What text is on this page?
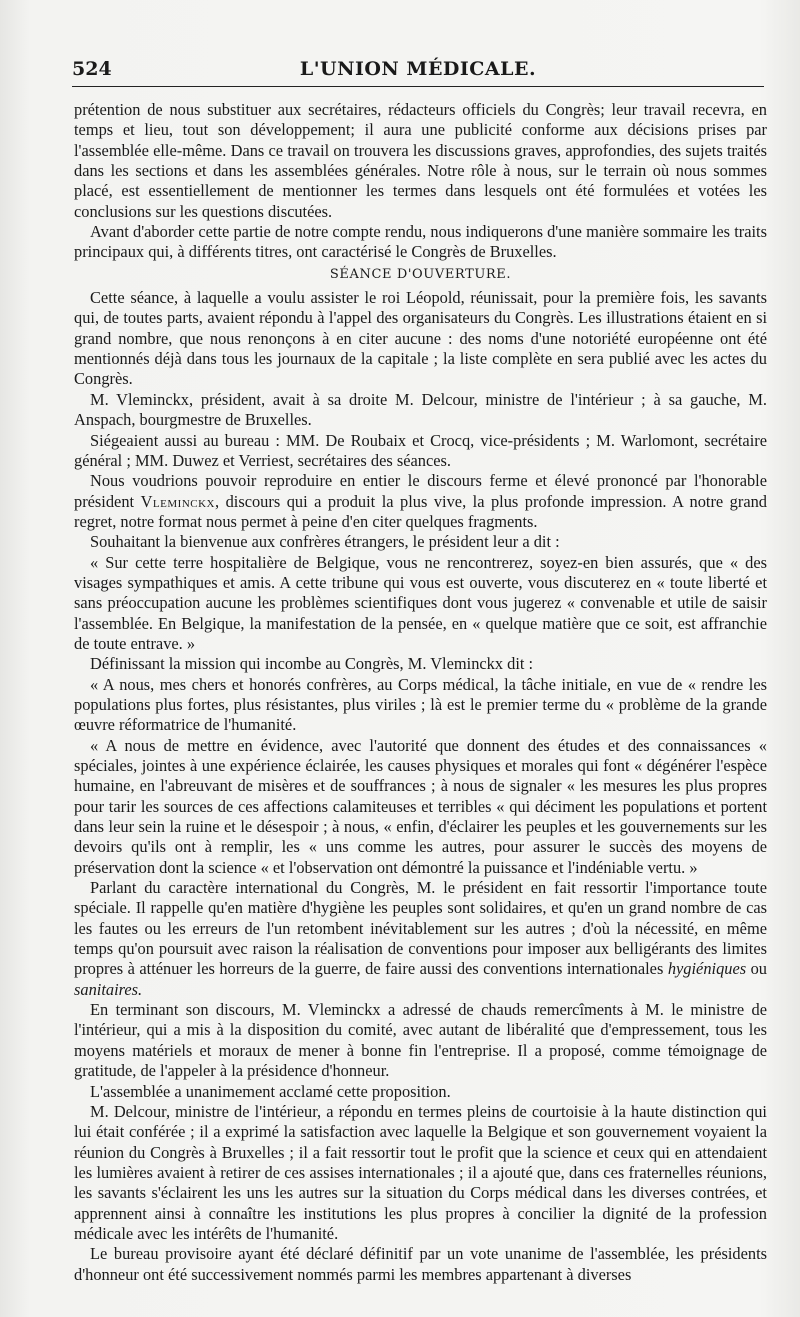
524	L'UNION MÉDICALE.

prétention de nous substituer aux secrétaires, rédacteurs officiels du Congrès; leur travail recevra, en temps et lieu, tout son développement; il aura une publicité conforme aux décisions prises par l'assemblée elle-même. Dans ce travail on trouvera les discussions graves, approfondies, des sujets traités dans les sections et dans les assemblées générales. Notre rôle à nous, sur le terrain où nous sommes placé, est essentiellement de mentionner les termes dans lesquels ont été formulées et votées les conclusions sur les questions discutées.

Avant d'aborder cette partie de notre compte rendu, nous indiquerons d'une manière sommaire les traits principaux qui, à différents titres, ont caractérisé le Congrès de Bruxelles.

SÉANCE D'OUVERTURE.

Cette séance, à laquelle a voulu assister le roi Léopold, réunissait, pour la première fois, les savants qui, de toutes parts, avaient répondu à l'appel des organisateurs du Congrès. Les illustrations étaient en si grand nombre, que nous renonçons à en citer aucune : des noms d'une notoriété européenne ont été mentionnés déjà dans tous les journaux de la capitale ; la liste complète en sera publié avec les actes du Congrès.

M. Vleminckx, président, avait à sa droite M. Delcour, ministre de l'intérieur ; à sa gauche, M. Anspach, bourgmestre de Bruxelles.

Siégeaient aussi au bureau : MM. De Roubaix et Crocq, vice-présidents ; M. Warlomont, secrétaire général ; MM. Duwez et Verriest, secrétaires des séances.

Nous voudrions pouvoir reproduire en entier le discours ferme et élevé prononcé par l'honorable président Vleminckx, discours qui a produit la plus vive, la plus profonde impression. A notre grand regret, notre format nous permet à peine d'en citer quelques fragments.

Souhaitant la bienvenue aux confrères étrangers, le président leur a dit :

« Sur cette terre hospitalière de Belgique, vous ne rencontrerez, soyez-en bien assurés, que « des visages sympathiques et amis. A cette tribune qui vous est ouverte, vous discuterez en « toute liberté et sans préoccupation aucune les problèmes scientifiques dont vous jugerez « convenable et utile de saisir l'assemblée. En Belgique, la manifestation de la pensée, en « quelque matière que ce soit, est affranchie de toute entrave. »

Définissant la mission qui incombe au Congrès, M. Vleminckx dit :

« A nous, mes chers et honorés confrères, au Corps médical, la tâche initiale, en vue de « rendre les populations plus fortes, plus résistantes, plus viriles ; là est le premier terme du « problème de la grande œuvre réformatrice de l'humanité.

« A nous de mettre en évidence, avec l'autorité que donnent des études et des connaissances « spéciales, jointes à une expérience éclairée, les causes physiques et morales qui font « dégénérer l'espèce humaine, en l'abreuvant de misères et de souffrances ; à nous de signaler « les mesures les plus propres pour tarir les sources de ces affections calamiteuses et terribles « qui déciment les populations et portent dans leur sein la ruine et le désespoir ; à nous, « enfin, d'éclairer les peuples et les gouvernements sur les devoirs qu'ils ont à remplir, les « uns comme les autres, pour assurer le succès des moyens de préservation dont la science « et l'observation ont démontré la puissance et l'indéniable vertu. »

Parlant du caractère international du Congrès, M. le président en fait ressortir l'importance toute spéciale. Il rappelle qu'en matière d'hygiène les peuples sont solidaires, et qu'en un grand nombre de cas les fautes ou les erreurs de l'un retombent inévitablement sur les autres ; d'où la nécessité, en même temps qu'on poursuit avec raison la réalisation de conventions pour imposer aux belligérants des limites propres à atténuer les horreurs de la guerre, de faire aussi des conventions internationales hygiéniques ou sanitaires.

En terminant son discours, M. Vleminckx a adressé de chauds remercîments à M. le ministre de l'intérieur, qui a mis à la disposition du comité, avec autant de libéralité que d'empressement, tous les moyens matériels et moraux de mener à bonne fin l'entreprise. Il a proposé, comme témoignage de gratitude, de l'appeler à la présidence d'honneur.

L'assemblée a unanimement acclamé cette proposition.

M. Delcour, ministre de l'intérieur, a répondu en termes pleins de courtoisie à la haute distinction qui lui était conférée ; il a exprimé la satisfaction avec laquelle la Belgique et son gouvernement voyaient la réunion du Congrès à Bruxelles ; il a fait ressortir tout le profit que la science et ceux qui en attendaient les lumières avaient à retirer de ces assises internationales ; il a ajouté que, dans ces fraternelles réunions, les savants s'éclairent les uns les autres sur la situation du Corps médical dans les diverses contrées, et apprennent ainsi à connaître les institutions les plus propres à concilier la dignité de la profession médicale avec les intérêts de l'humanité.

Le bureau provisoire ayant été déclaré définitif par un vote unanime de l'assemblée, les présidents d'honneur ont été successivement nommés parmi les membres appartenant à diverses
